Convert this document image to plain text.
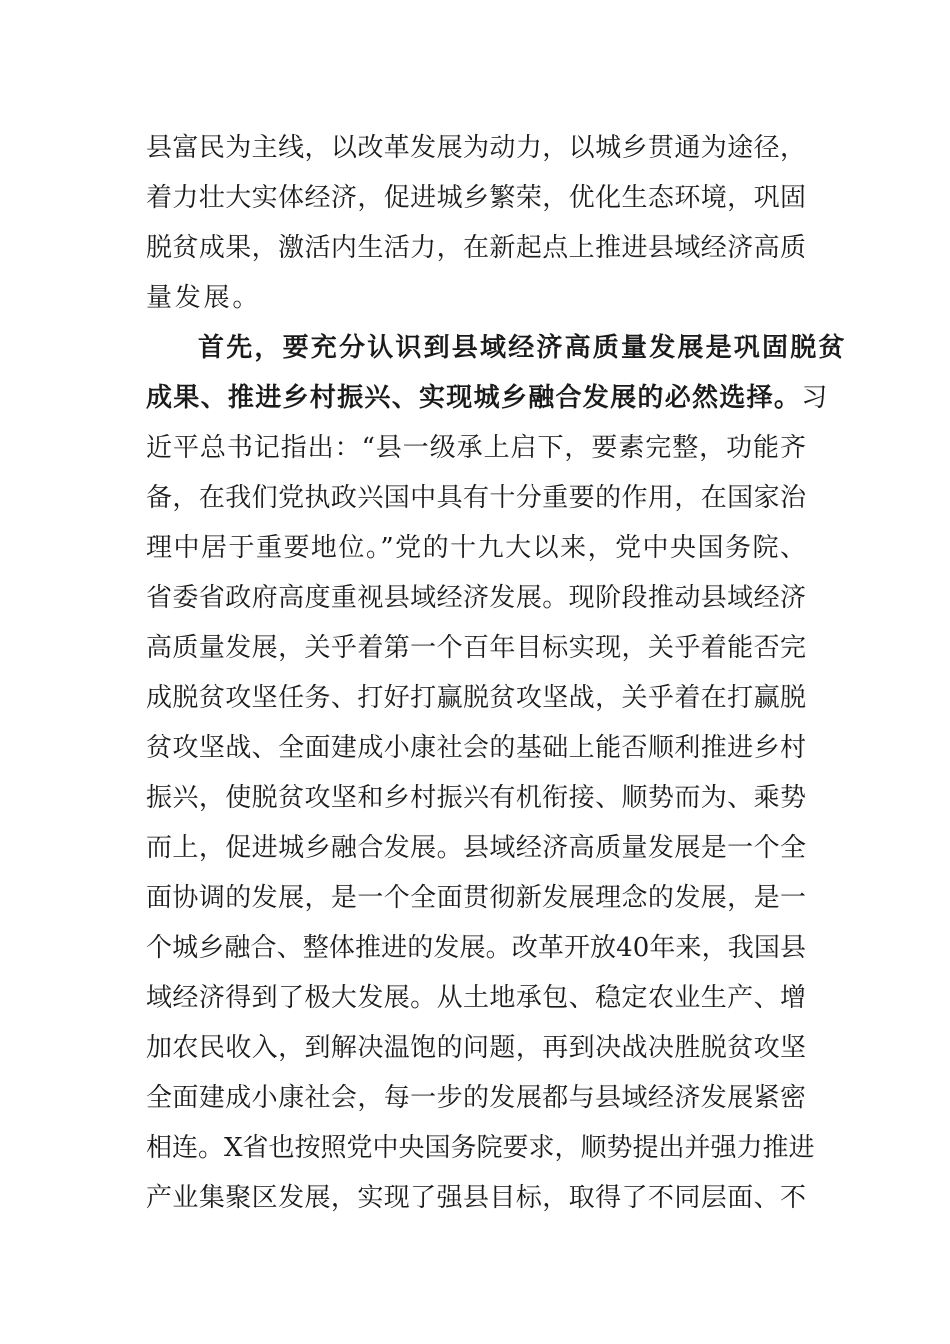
县富民为主线，以改革发展为动力，以城乡贯通为途径，
着力壮大实体经济，促进城乡繁荣，优化生态环境，巩固
脱贫成果，激活内生活力，在新起点上推进县域经济高质
量发展。
首先，要充分认识到县域经济高质量发展是巩固脱贫
成果、推进乡村振兴、实现城乡融合发展的必然选择。习
近平总书记指出：“县一级承上启下，要素完整，功能齐
备，在我们党执政兴国中具有十分重要的作用，在国家治
理中居于重要地位。”党的十九大以来，党中央国务院、
省委省政府高度重视县域经济发展。现阶段推动县域经济
高质量发展，关乎着第一个百年目标实现，关乎着能否完
成脱贫攻坚任务、打好打赢脱贫攻坚战，关乎着在打赢脱
贫攻坚战、全面建成小康社会的基础上能否顺利推进乡村
振兴，使脱贫攻坚和乡村振兴有机衔接、顺势而为、乘势
而上，促进城乡融合发展。县域经济高质量发展是一个全
面协调的发展，是一个全面贯彻新发展理念的发展，是一
个城乡融合、整体推进的发展。改革开放40年来，我国县
域经济得到了极大发展。从土地承包、稳定农业生产、增
加农民收入，到解决温饱的问题，再到决战决胜脱贫攻坚
全面建成小康社会，每一步的发展都与县域经济发展紧密
相连。X省也按照党中央国务院要求，顺势提出并强力推进
产业集聚区发展，实现了强县目标，取得了不同层面、不
